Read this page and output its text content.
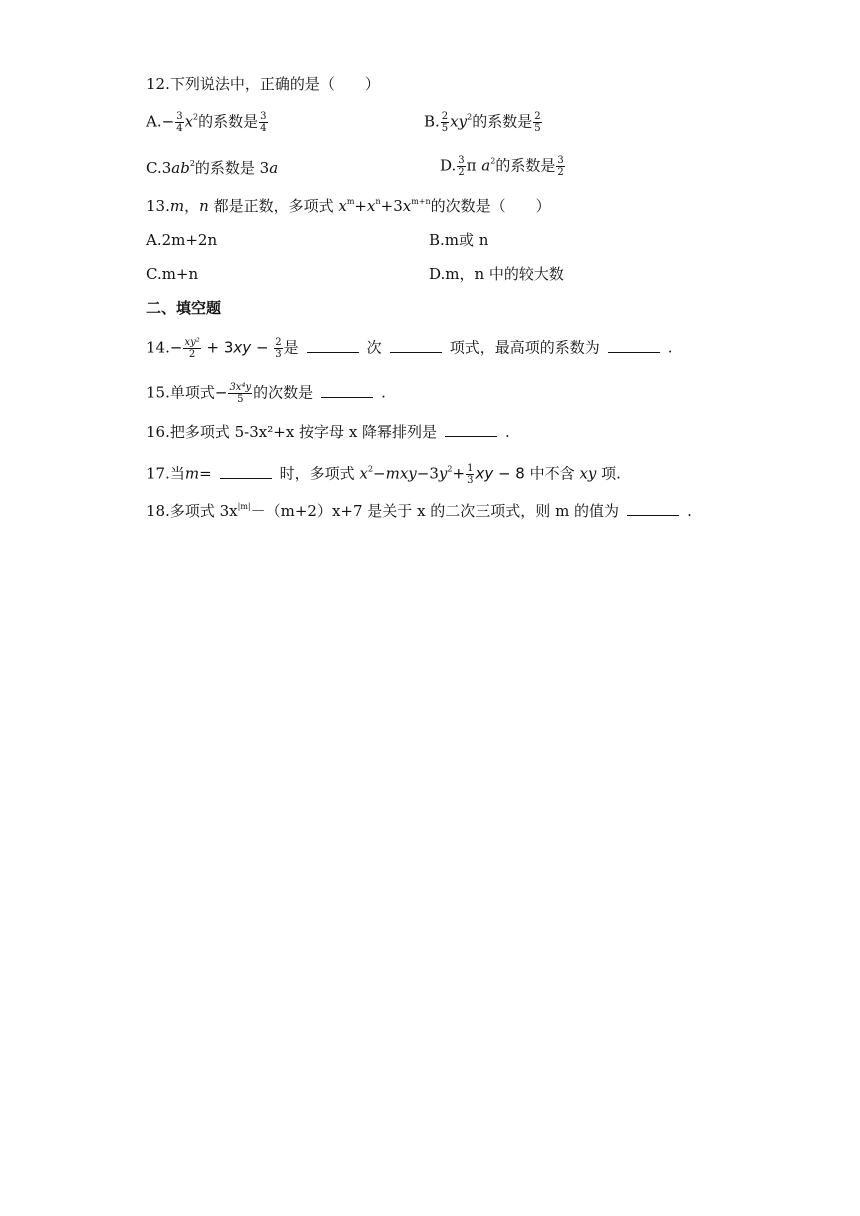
12.下列说法中，正确的是（　　）
$A.- \frac{3}{4} x^2$的系数是 $\frac{3}{4}$	B. $\frac{2}{5} xy^2$的系数是 $\frac{2}{5}$
$C.3ab^2$的系数是 3a	D. $\frac{3}{2}$ π $a^2$的系数是 $\frac{3}{2}$
13.m，n 都是正数，多项式 $x^m+x^n+3x^{m+n}$的次数是（　　）
A.2m+2n	B.m或 n
C.m+n	D.m，n 中的较大数
二、填空题
$14.- \frac{\text{xy²}}{2} + 3xy - \frac{2}{3}$ 是	次	项式，最高项的系数为	.
15.单项式− $\frac{\text{3x⁴y}}{5}$ 的次数是	.
16.把多项式 5-3x²+x 按字母 x 降幂排列是	.
17.当m=	时，多项式 $x^2-mxy-3y^2+ \frac{1}{3}$ xy − 8 中不含 xy 项.
18.多项式 $3x^{|m|}-(m+2)x+7$ 是关于 x 的二次三项式，则 m 的值为	.
